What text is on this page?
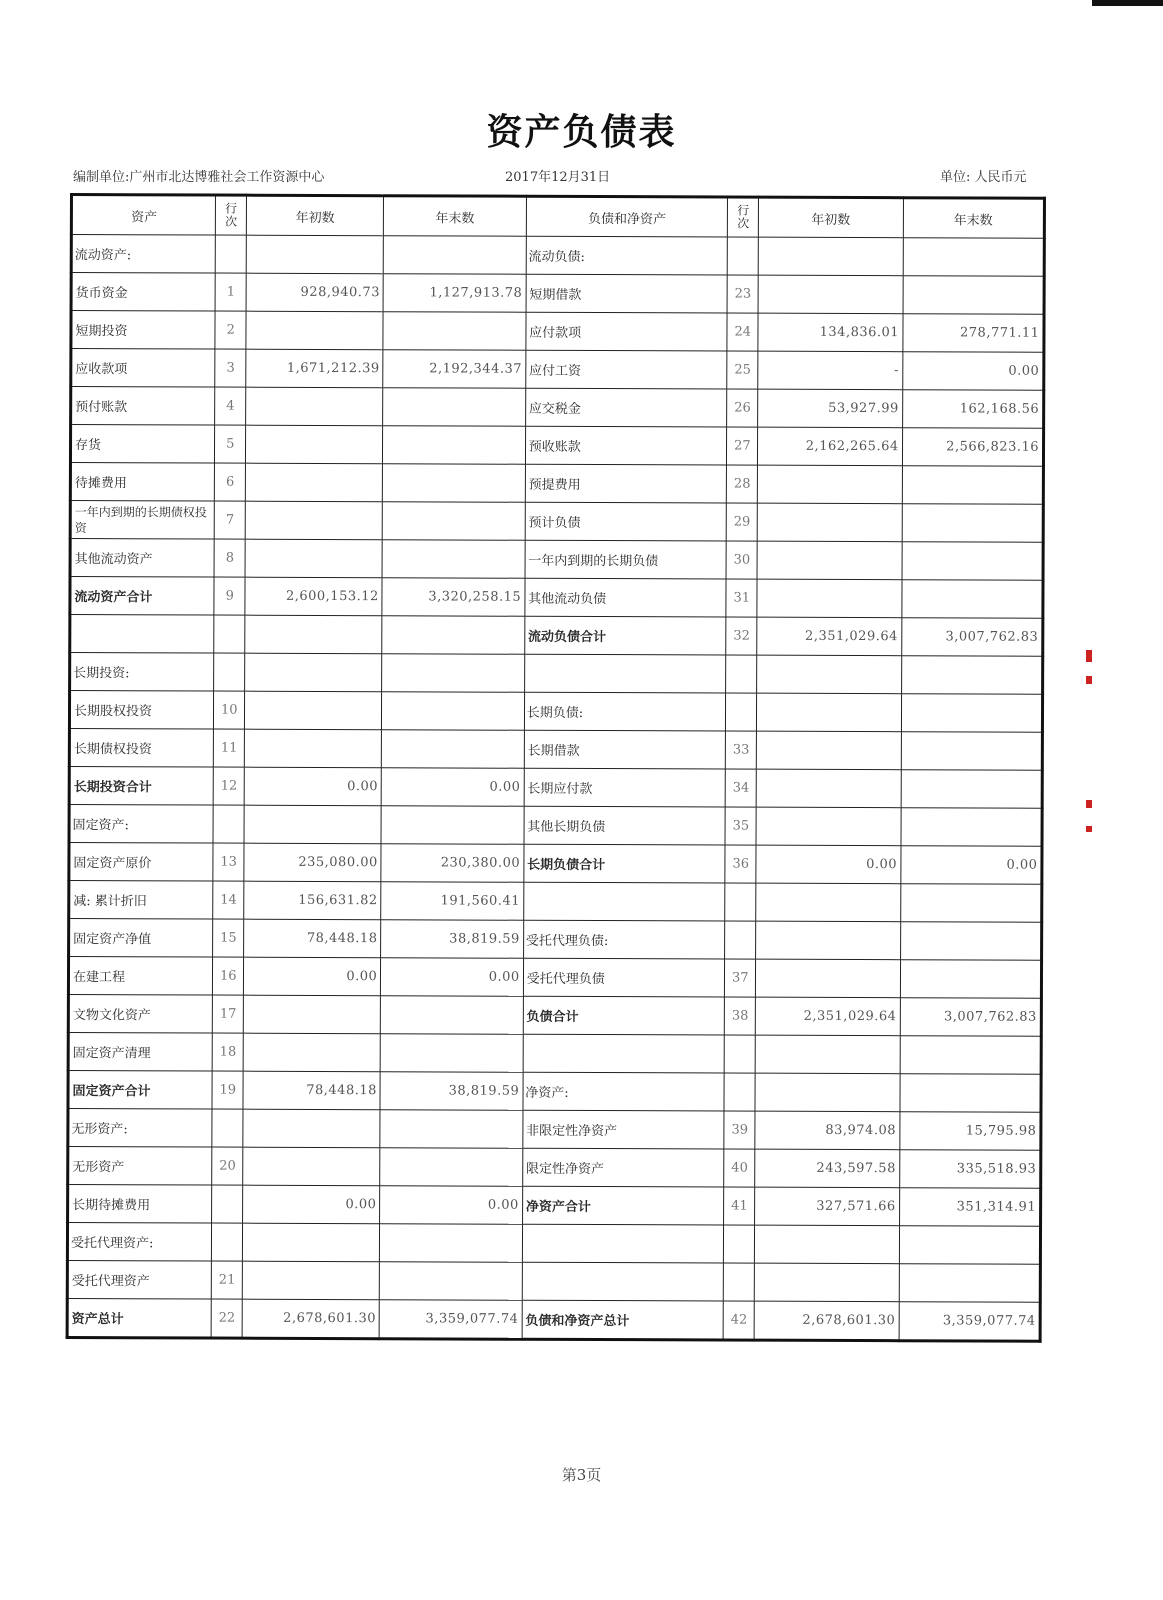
资产负债表
编制单位:广州市北达博雅社会工作资源中心	2017年12月31日	单位: 人民币元
资产	行次	年初数	年末数	负债和净资产	行次	年初数	年末数
流动资产:				流动负债:			
货币资金	1	928,940.73	1,127,913.78	短期借款	23		
短期投资	2			应付款项	24	134,836.01	278,771.11
应收款项	3	1,671,212.39	2,192,344.37	应付工资	25	-	0.00
预付账款	4			应交税金	26	53,927.99	162,168.56
存货	5			预收账款	27	2,162,265.64	2,566,823.16
待摊费用	6			预提费用	28		
一年内到期的长期债权投资	7			预计负债	29		
其他流动资产	8			一年内到期的长期负债	30		
流动资产合计	9	2,600,153.12	3,320,258.15	其他流动负债	31		
				流动负债合计	32	2,351,029.64	3,007,762.83
长期投资:							
长期股权投资	10			长期负债:			
长期债权投资	11			长期借款	33		
长期投资合计	12	0.00	0.00	长期应付款	34		
固定资产:				其他长期负债	35		
固定资产原价	13	235,080.00	230,380.00	长期负债合计	36	0.00	0.00
减: 累计折旧	14	156,631.82	191,560.41				
固定资产净值	15	78,448.18	38,819.59	受托代理负债:			
在建工程	16	0.00	0.00	受托代理负债	37		
文物文化资产	17			负债合计	38	2,351,029.64	3,007,762.83
固定资产清理	18						
固定资产合计	19	78,448.18	38,819.59	净资产:			
无形资产:				非限定性净资产	39	83,974.08	15,795.98
无形资产	20			限定性净资产	40	243,597.58	335,518.93
长期待摊费用		0.00	0.00	净资产合计	41	327,571.66	351,314.91
受托代理资产:							
受托代理资产	21						
资产总计	22	2,678,601.30	3,359,077.74	负债和净资产总计	42	2,678,601.30	3,359,077.74
第3页
